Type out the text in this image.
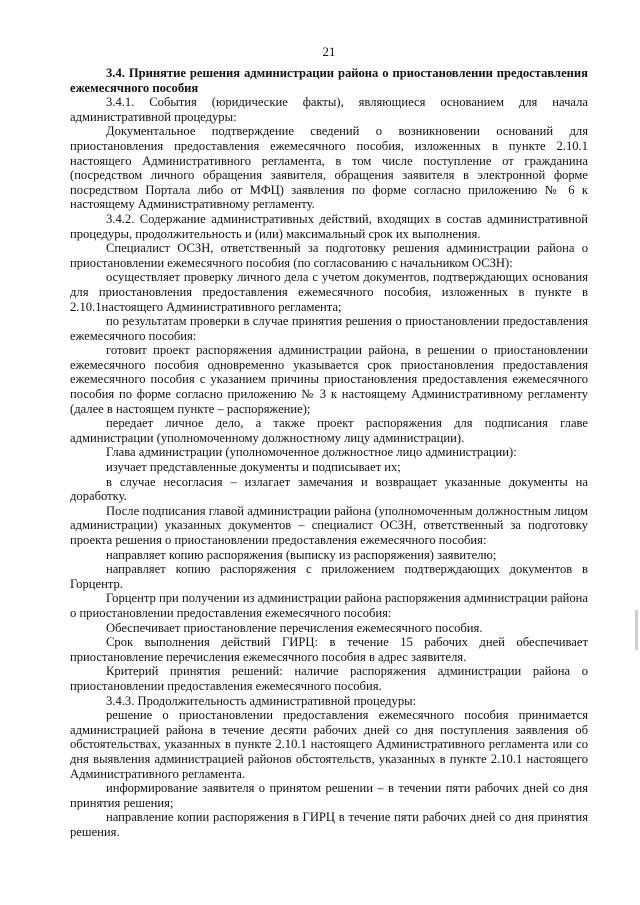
21
3.4. Принятие решения администрации района о приостановлении предоставления ежемесячного пособия
3.4.1. События (юридические факты), являющиеся основанием для начала административной процедуры:
Документальное подтверждение сведений о возникновении оснований для приостановления предоставления ежемесячного пособия, изложенных в пункте 2.10.1 настоящего Административного регламента, в том числе поступление от гражданина (посредством личного обращения заявителя, обращения заявителя в электронной форме посредством Портала либо от МФЦ) заявления по форме согласно приложению № 6 к настоящему Административному регламенту.
3.4.2. Содержание административных действий, входящих в состав административной процедуры, продолжительность и (или) максимальный срок их выполнения.
Специалист ОСЗН, ответственный за подготовку решения администрации района о приостановлении ежемесячного пособия (по согласованию с начальником ОСЗН):
осуществляет проверку личного дела с учетом документов, подтверждающих основания для приостановления предоставления ежемесячного пособия, изложенных в пункте в 2.10.1настоящего Административного регламента;
по результатам проверки в случае принятия решения о приостановлении предоставления ежемесячного пособия:
готовит проект распоряжения администрации района, в решении о приостановлении ежемесячного пособия одновременно указывается срок приостановления предоставления ежемесячного пособия с указанием причины приостановления предоставления ежемесячного пособия по форме согласно приложению № 3 к настоящему Административному регламенту (далее в настоящем пункте – распоряжение);
передает личное дело, а также проект распоряжения для подписания главе администрации (уполномоченному должностному лицу администрации).
Глава администрации (уполномоченное должностное лицо администрации):
изучает представленные документы и подписывает их;
в случае несогласия – излагает замечания и возвращает указанные документы на доработку.
После подписания главой администрации района (уполномоченным должностным лицом администрации) указанных документов – специалист ОСЗН, ответственный за подготовку проекта решения о приостановлении предоставления ежемесячного пособия:
направляет копию распоряжения (выписку из распоряжения) заявителю;
направляет копию распоряжения с приложением подтверждающих документов в Горцентр.
Горцентр при получении из администрации района распоряжения администрации района о приостановлении предоставления ежемесячного пособия:
Обеспечивает приостановление перечисления ежемесячного пособия.
Срок выполнения действий ГИРЦ: в течение 15 рабочих дней обеспечивает приостановление перечисления ежемесячного пособия в адрес заявителя.
Критерий принятия решений: наличие распоряжения администрации района о приостановлении предоставления ежемесячного пособия.
3.4.3. Продолжительность административной процедуры:
решение о приостановлении предоставления ежемесячного пособия принимается администрацией района в течение десяти рабочих дней со дня поступления заявления об обстоятельствах, указанных в пункте 2.10.1 настоящего Административного регламента или со дня выявления администрацией районов обстоятельств, указанных в пункте 2.10.1 настоящего Административного регламента.
информирование заявителя о принятом решении – в течении пяти рабочих дней со дня принятия решения;
направление копии распоряжения в ГИРЦ в течение пяти рабочих дней со дня принятия решения.
